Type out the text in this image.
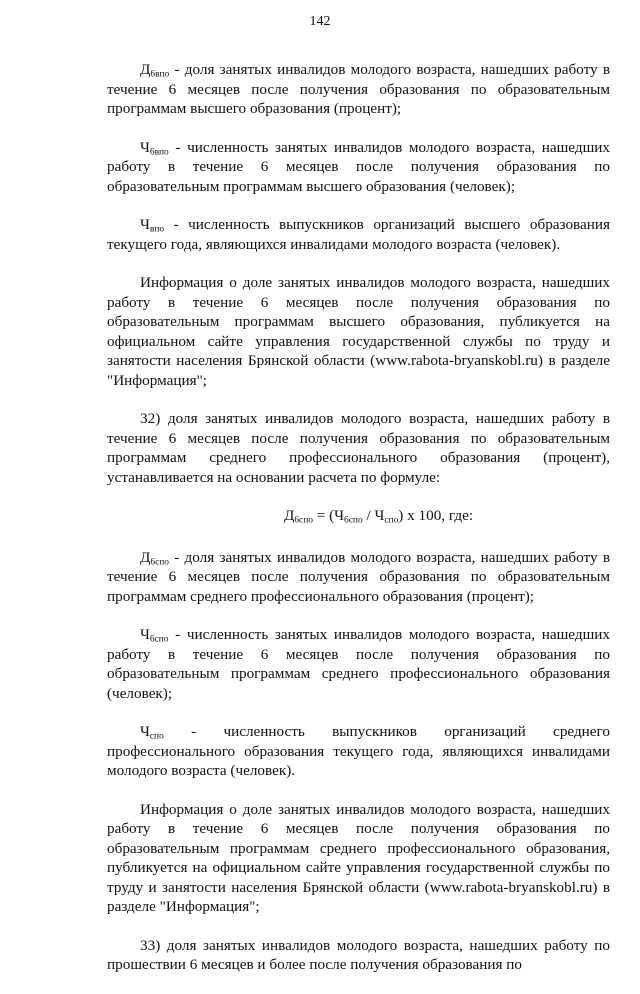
142

$Д_{6впо}$ - доля занятых инвалидов молодого возраста, нашедших работу в течение 6 месяцев после получения образования по образовательным программам высшего образования (процент);

$Ч_{6впо}$ - численность занятых инвалидов молодого возраста, нашедших работу в течение 6 месяцев после получения образования по образовательным программам высшего образования (человек);

$Ч_{впо}$ - численность выпускников организаций высшего образования текущего года, являющихся инвалидами молодого возраста (человек).

Информация о доле занятых инвалидов молодого возраста, нашедших работу в течение 6 месяцев после получения образования по образовательным программам высшего образования, публикуется на официальном сайте управления государственной службы по труду и занятости населения Брянской области (www.rabota-bryanskobl.ru) в разделе "Информация";

32) доля занятых инвалидов молодого возраста, нашедших работу в течение 6 месяцев после получения образования по образовательным программам среднего профессионального образования (процент), устанавливается на основании расчета по формуле:

$Д_{6спо} = (Ч_{6спо} / Ч_{спо})$ x 100, где:

$Д_{6спо}$ - доля занятых инвалидов молодого возраста, нашедших работу в течение 6 месяцев после получения образования по образовательным программам среднего профессионального образования (процент);

$Ч_{6спо}$ - численность занятых инвалидов молодого возраста, нашедших работу в течение 6 месяцев после получения образования по образовательным программам среднего профессионального образования (человек);

$Ч_{спо}$ - численность выпускников организаций среднего профессионального образования текущего года, являющихся инвалидами молодого возраста (человек).

Информация о доле занятых инвалидов молодого возраста, нашедших работу в течение 6 месяцев после получения образования по образовательным программам среднего профессионального образования, публикуется на официальном сайте управления государственной службы по труду и занятости населения Брянской области (www.rabota-bryanskobl.ru) в разделе "Информация";

33) доля занятых инвалидов молодого возраста, нашедших работу по прошествии 6 месяцев и более после получения образования по
